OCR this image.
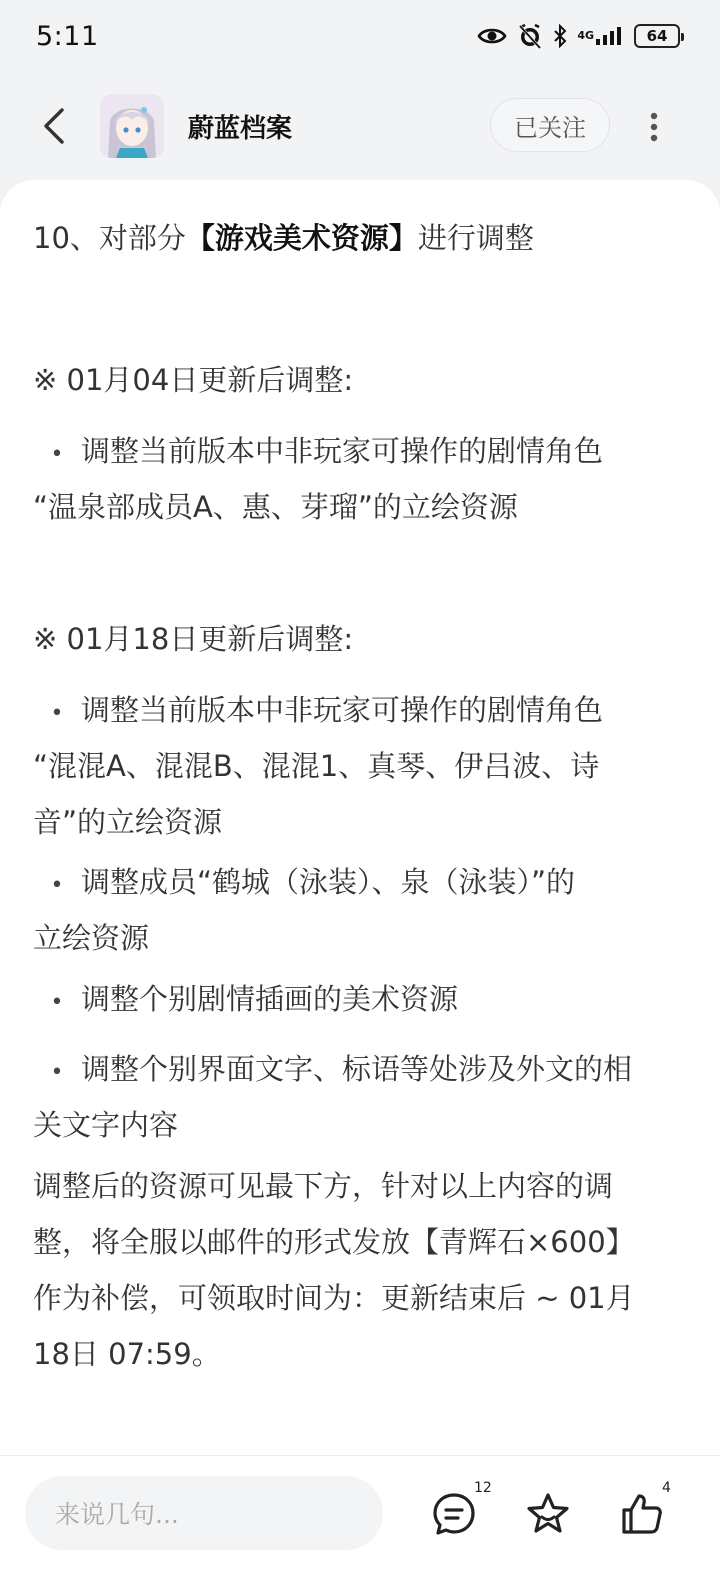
5:11	4G	64
蔚蓝档案	已关注
10、对部分【游戏美术资源】进行调整
※ 01月04日更新后调整:
• 调整当前版本中非玩家可操作的剧情角色
“温泉部成员A、惠、芽瑠”的立绘资源
※ 01月18日更新后调整:
• 调整当前版本中非玩家可操作的剧情角色
“混混A、混混B、混混1、真琴、伊吕波、诗
音”的立绘资源
• 调整成员“鹤城（泳装）、泉（泳装）”的
立绘资源
• 调整个别剧情插画的美术资源
• 调整个别界面文字、标语等处涉及外文的相
关文字内容
调整后的资源可见最下方，针对以上内容的调
整，将全服以邮件的形式发放【青辉石×600】
作为补偿，可领取时间为：更新结束后 ~ 01月
18日 07:59。
来说几句...
12	4
